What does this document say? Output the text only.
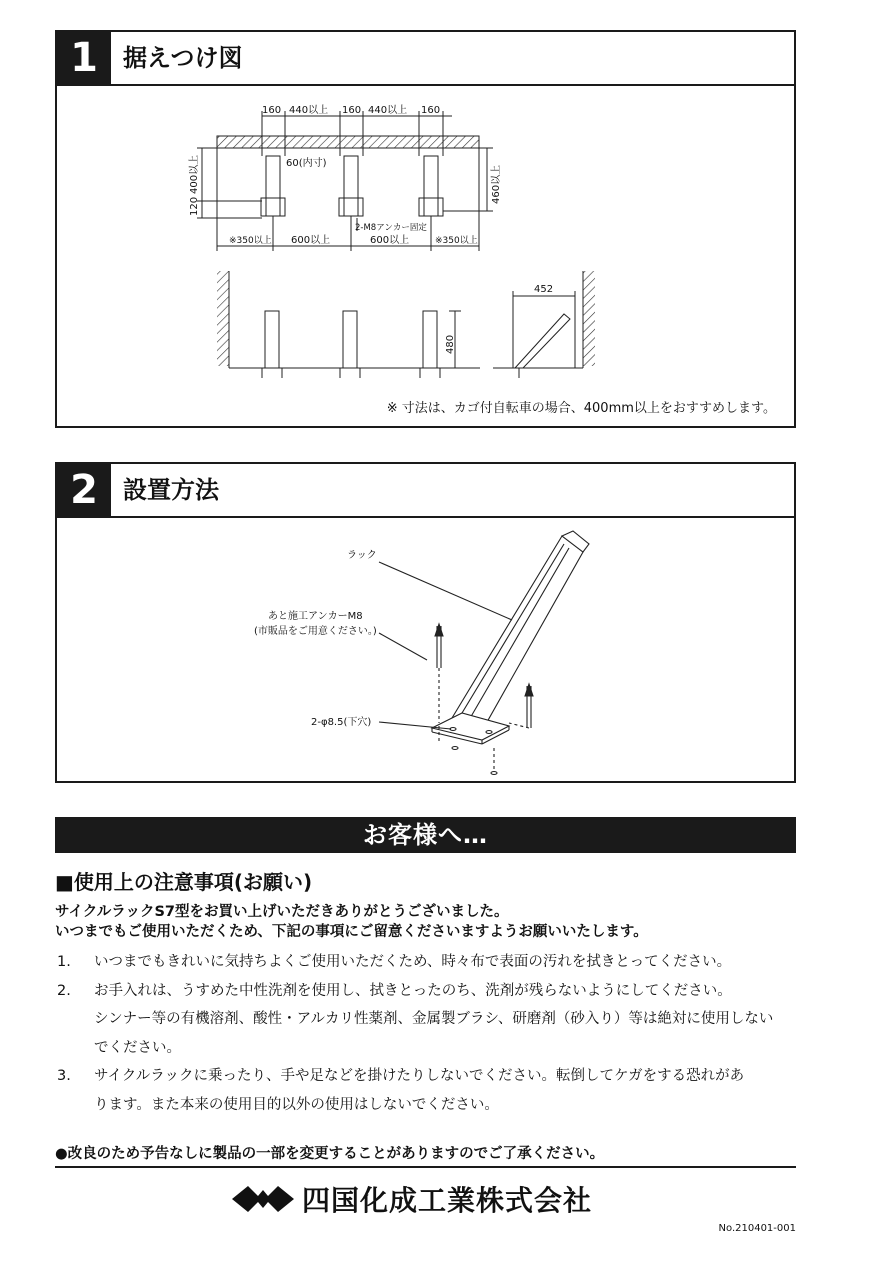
1	据えつけ図
160 440以上 160 440以上 160
60(内寸)
400以上
120
460以上
2-M8アンカー固定
※350以上 600以上	600以上	※350以上
480
452
※ 寸法は、カゴ付自転車の場合、400mm以上をおすすめします。
2	設置方法
ラック
あと施工アンカーM8
(市販品をご用意ください。)
2-φ8.5(下穴)
お客様へ…
■使用上の注意事項(お願い)
サイクルラックS7型をお買い上げいただきありがとうございました。
いつまでもご使用いただくため、下記の事項にご留意くださいますようお願いいたします。
1. いつまでもきれいに気持ちよくご使用いただくため、時々布で表面の汚れを拭きとってください。
2. お手入れは、うすめた中性洗剤を使用し、拭きとったのち、洗剤が残らないようにしてください。
シンナー等の有機溶剤、酸性・アルカリ性薬剤、金属製ブラシ、研磨剤（砂入り）等は絶対に使用しない
でください。
3. サイクルラックに乗ったり、手や足などを掛けたりしないでください。転倒してケガをする恐れがあ
ります。また本来の使用目的以外の使用はしないでください。
●改良のため予告なしに製品の一部を変更することがありますのでご了承ください。
四国化成工業株式会社
No.210401-001
